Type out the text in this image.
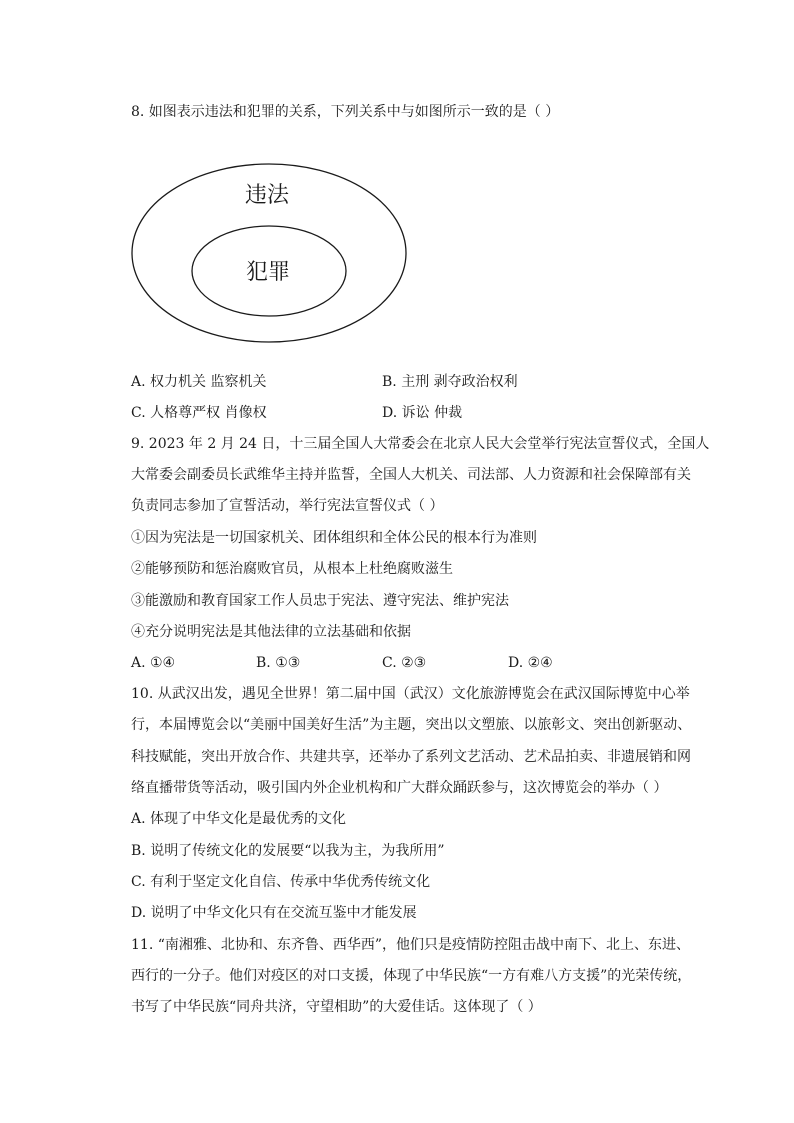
8. 如图表示违法和犯罪的关系，下列关系中与如图所示一致的是（ ）
违法
犯罪
A. 权力机关 监察机关	B. 主刑 剥夺政治权利
C. 人格尊严权 肖像权	D. 诉讼 仲裁
9. 2023 年 2 月 24 日，十三届全国人大常委会在北京人民大会堂举行宪法宣誓仪式，全国人
大常委会副委员长武维华主持并监誓，全国人大机关、司法部、人力资源和社会保障部有关
负责同志参加了宣誓活动，举行宪法宣誓仪式（ ）
①因为宪法是一切国家机关、团体组织和全体公民的根本行为准则
②能够预防和惩治腐败官员，从根本上杜绝腐败滋生
③能激励和教育国家工作人员忠于宪法、遵守宪法、维护宪法
④充分说明宪法是其他法律的立法基础和依据
A. ①④	B. ①③	C. ②③	D. ②④
10. 从武汉出发，遇见全世界！第二届中国（武汉）文化旅游博览会在武汉国际博览中心举
行，本届博览会以“美丽中国美好生活”为主题，突出以文塑旅、以旅彰文、突出创新驱动、
科技赋能，突出开放合作、共建共享，还举办了系列文艺活动、艺术品拍卖、非遗展销和网
络直播带货等活动，吸引国内外企业机构和广大群众踊跃参与，这次博览会的举办（ ）
A. 体现了中华文化是最优秀的文化
B. 说明了传统文化的发展要“以我为主，为我所用”
C. 有利于坚定文化自信、传承中华优秀传统文化
D. 说明了中华文化只有在交流互鉴中才能发展
11. “南湘雅、北协和、东齐鲁、西华西”，他们只是疫情防控阻击战中南下、北上、东进、
西行的一分子。他们对疫区的对口支援，体现了中华民族“一方有难八方支援”的光荣传统，
书写了中华民族“同舟共济，守望相助”的大爱佳话。这体现了（ ）
